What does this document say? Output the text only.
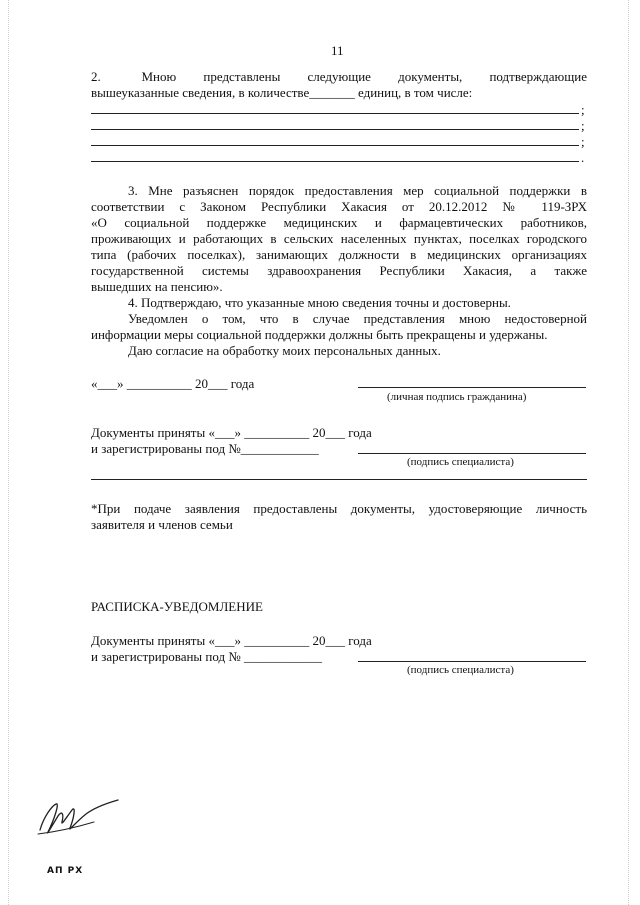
11
2.      Мною    представлены    следующие    документы,    подтверждающие
вышеуказанные сведения, в количестве_______ единиц, в том числе:
;
;
;
.
3. Мне разъяснен порядок предоставления мер социальной поддержки в
соответствии с Законом Республики Хакасия от 20.12.2012 № 119-ЗРХ
«О социальной поддержке медицинских и фармацевтических работников,
проживающих и работающих в сельских населенных пунктах, поселках городского
типа (рабочих поселках), занимающих должности в медицинских организациях
государственной системы здравоохранения Республики Хакасия, а также
вышедших на пенсию».
4. Подтверждаю, что указанные мною сведения точны и достоверны.
Уведомлен о том, что в случае представления мною недостоверной
информации меры социальной поддержки должны быть прекращены и удержаны.
Даю согласие на обработку моих персональных данных.
«___» __________ 20___ года
(личная подпись гражданина)
Документы приняты «___» __________ 20___ года
и зарегистрированы под №____________
(подпись специалиста)
*При подаче заявления предоставлены документы, удостоверяющие личность
заявителя и членов семьи
РАСПИСКА-УВЕДОМЛЕНИЕ
Документы приняты «___» __________ 20___ года
и зарегистрированы под № ____________
(подпись специалиста)
АП РХ
